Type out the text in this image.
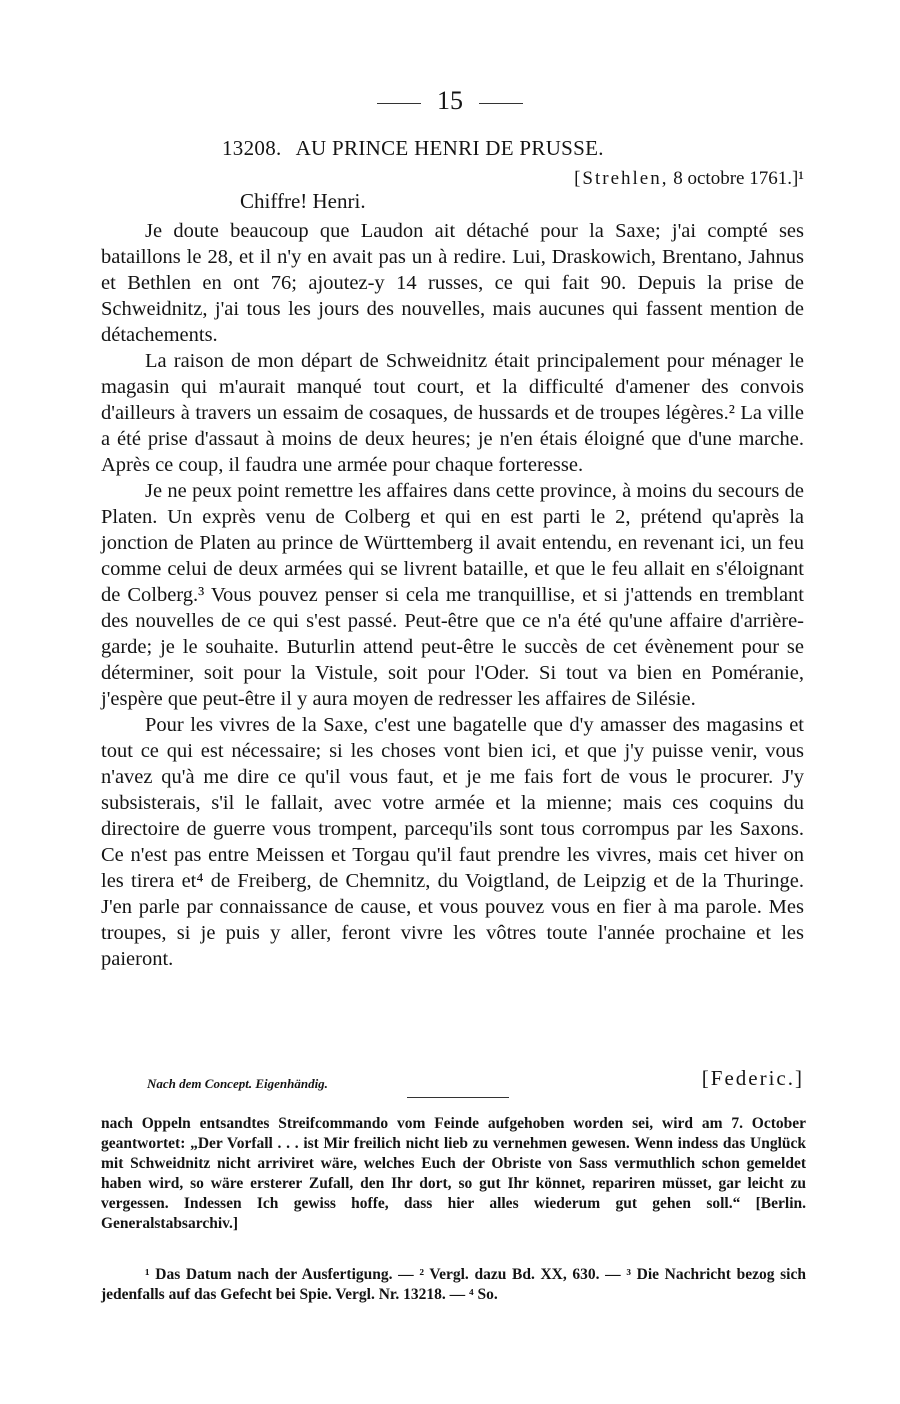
15
13208. AU PRINCE HENRI DE PRUSSE.
[Strehlen, 8 octobre 1761.]¹
Chiffre! Henri.

Je doute beaucoup que Laudon ait détaché pour la Saxe; j'ai compté ses bataillons le 28, et il n'y en avait pas un à redire. Lui, Draskowich, Brentano, Jahnus et Bethlen en ont 76; ajoutez-y 14 russes, ce qui fait 90. Depuis la prise de Schweidnitz, j'ai tous les jours des nouvelles, mais aucunes qui fassent mention de détachements.

La raison de mon départ de Schweidnitz était principalement pour ménager le magasin qui m'aurait manqué tout court, et la difficulté d'amener des convois d'ailleurs à travers un essaim de cosaques, de hussards et de troupes légères.² La ville a été prise d'assaut à moins de deux heures; je n'en étais éloigné que d'une marche. Après ce coup, il faudra une armée pour chaque forteresse.

Je ne peux point remettre les affaires dans cette province, à moins du secours de Platen. Un exprès venu de Colberg et qui en est parti le 2, prétend qu'après la jonction de Platen au prince de Württemberg il avait entendu, en revenant ici, un feu comme celui de deux armées qui se livrent bataille, et que le feu allait en s'éloignant de Colberg.³ Vous pouvez penser si cela me tranquillise, et si j'attends en tremblant des nouvelles de ce qui s'est passé. Peut-être que ce n'a été qu'une affaire d'arrière-garde; je le souhaite. Buturlin attend peut-être le succès de cet évènement pour se déterminer, soit pour la Vistule, soit pour l'Oder. Si tout va bien en Poméranie, j'espère que peut-être il y aura moyen de redresser les affaires de Silésie.

Pour les vivres de la Saxe, c'est une bagatelle que d'y amasser des magasins et tout ce qui est nécessaire; si les choses vont bien ici, et que j'y puisse venir, vous n'avez qu'à me dire ce qu'il vous faut, et je me fais fort de vous le procurer. J'y subsisterais, s'il le fallait, avec votre armée et la mienne; mais ces coquins du directoire de guerre vous trompent, parcequ'ils sont tous corrompus par les Saxons. Ce n'est pas entre Meissen et Torgau qu'il faut prendre les vivres, mais cet hiver on les tirera et⁴ de Freiberg, de Chemnitz, du Voigtland, de Leipzig et de la Thuringe. J'en parle par connaissance de cause, et vous pouvez vous en fier à ma parole. Mes troupes, si je puis y aller, feront vivre les vôtres toute l'année prochaine et les paieront.

Nach dem Concept. Eigenhändig.	[Federic.]

nach Oppeln entsandtes Streifcommando vom Feinde aufgehoben worden sei, wird am 7. October geantwortet: „Der Vorfall . . . ist Mir freilich nicht lieb zu vernehmen gewesen. Wenn indess das Unglück mit Schweidnitz nicht arriviret wäre, welches Euch der Obriste von Sass vermuthlich schon gemeldet haben wird, so wäre ersterer Zufall, den Ihr dort, so gut Ihr könnet, repariren müsset, gar leicht zu vergessen. Indessen Ich gewiss hoffe, dass hier alles wiederum gut gehen soll.“ [Berlin. Generalstabsarchiv.]

¹ Das Datum nach der Ausfertigung. — ² Vergl. dazu Bd. XX, 630. — ³ Die Nachricht bezog sich jedenfalls auf das Gefecht bei Spie. Vergl. Nr. 13218. — ⁴ So.
